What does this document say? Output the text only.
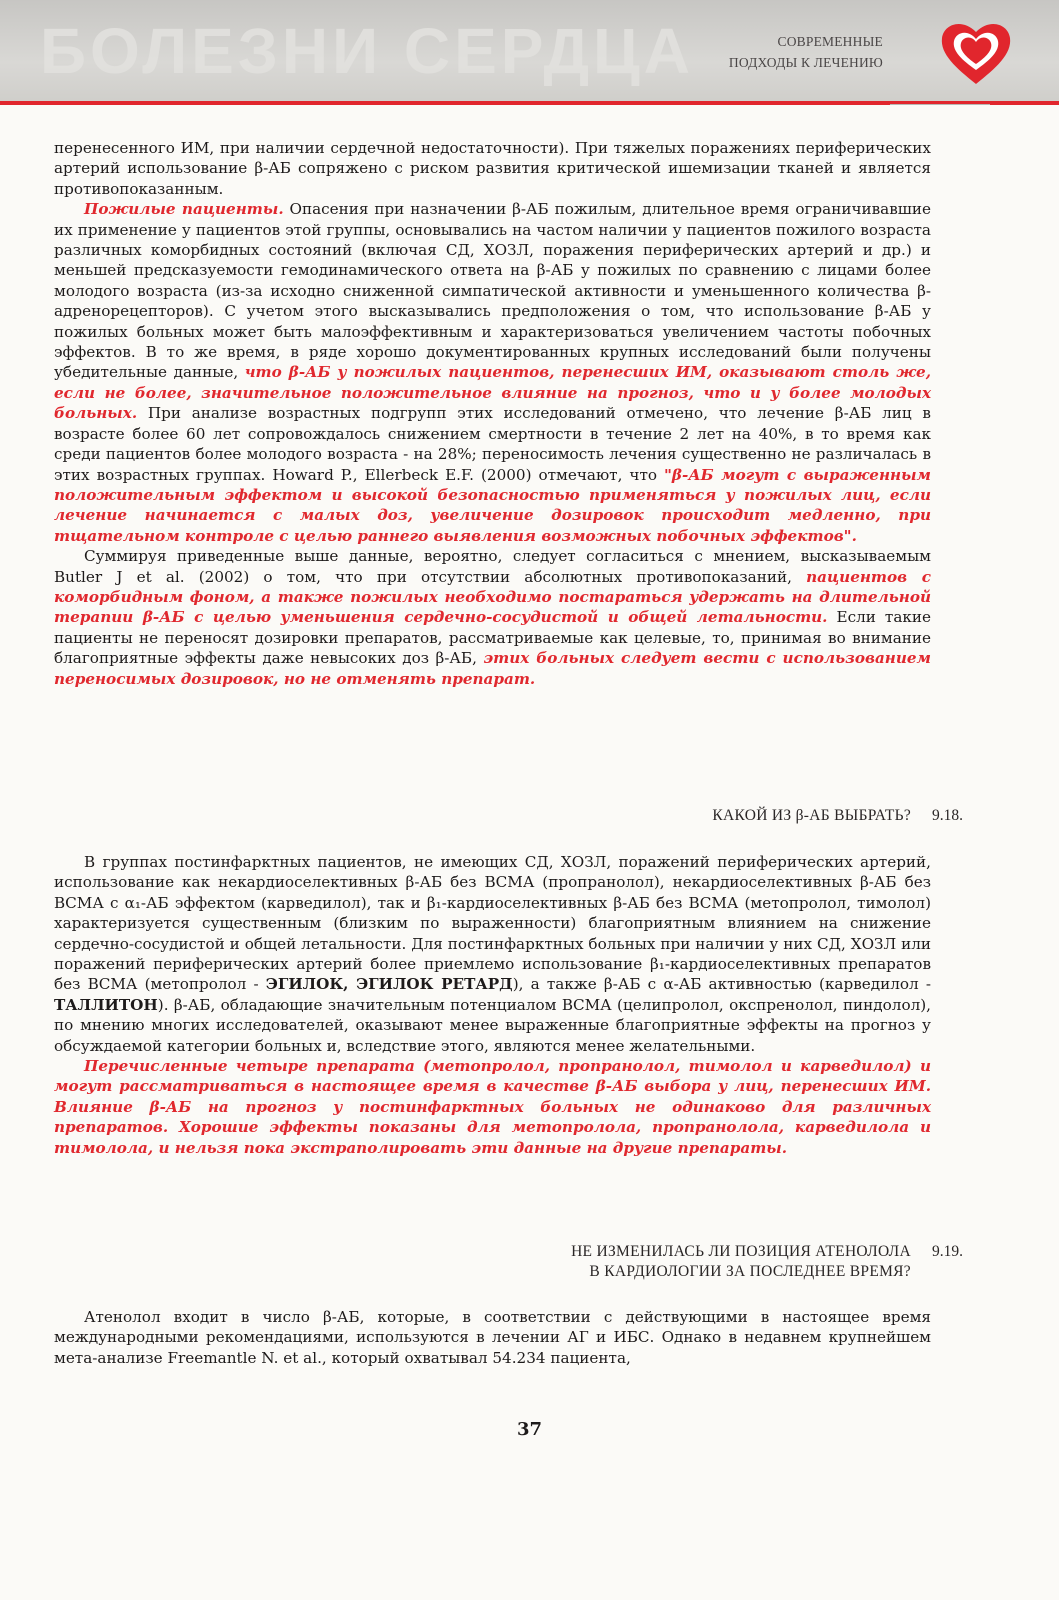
БОЛЕЗНИ СЕРДЦА	СОВРЕМЕННЫЕ
ПОДХОДЫ К ЛЕЧЕНИЮ

перенесенного ИМ, при наличии сердечной недостаточности). При тяжелых поражениях периферических артерий использование β-АБ сопряжено с риском развития критической ишемизации тканей и является противопоказанным.

Пожилые пациенты. Опасения при назначении β-АБ пожилым, длительное время ограничивавшие их применение у пациентов этой группы, основывались на частом наличии у пациентов пожилого возраста различных коморбидных состояний (включая СД, ХОЗЛ, поражения периферических артерий и др.) и меньшей предсказуемости гемодинамического ответа на β-АБ у пожилых по сравнению с лицами более молодого возраста (из-за исходно сниженной симпатической активности и уменьшенного количества β-адренорецепторов). С учетом этого высказывались предположения о том, что использование β-АБ у пожилых больных может быть малоэффективным и характеризоваться увеличением частоты побочных эффектов. В то же время, в ряде хорошо документированных крупных исследований были получены убедительные данные, что β-АБ у пожилых пациентов, перенесших ИМ, оказывают столь же, если не более, значительное положительное влияние на прогноз, что и у более молодых больных. При анализе возрастных подгрупп этих исследований отмечено, что лечение β-АБ лиц в возрасте более 60 лет сопровождалось снижением смертности в течение 2 лет на 40%, в то время как среди пациентов более молодого возраста - на 28%; переносимость лечения существенно не различалась в этих возрастных группах. Howard P., Ellerbeck E.F. (2000) отмечают, что "β-АБ могут с выраженным положительным эффектом и высокой безопасностью применяться у пожилых лиц, если лечение начинается с малых доз, увеличение дозировок происходит медленно, при тщательном контроле с целью раннего выявления возможных побочных эффектов".

Суммируя приведенные выше данные, вероятно, следует согласиться с мнением, высказываемым Butler J et al. (2002) о том, что при отсутствии абсолютных противопоказаний, пациентов с коморбидным фоном, а также пожилых необходимо постараться удержать на длительной терапии β-АБ с целью уменьшения сердечно-сосудистой и общей летальности. Если такие пациенты не переносят дозировки препаратов, рассматриваемые как целевые, то, принимая во внимание благоприятные эффекты даже невысоких доз β-АБ, этих больных следует вести с использованием переносимых дозировок, но не отменять препарат.

КАКОЙ ИЗ β-АБ ВЫБРАТЬ? 9.18.

В группах постинфарктных пациентов, не имеющих СД, ХОЗЛ, поражений периферических артерий, использование как некардиоселективных β-АБ без ВСМА (пропранолол), некардиоселективных β-АБ без ВСМА с α₁-АБ эффектом (карведилол), так и β₁-кардиоселективных β-АБ без ВСМА (метопролол, тимолол) характеризуется существенным (близким по выраженности) благоприятным влиянием на снижение сердечно-сосудистой и общей летальности. Для постинфарктных больных при наличии у них СД, ХОЗЛ или поражений периферических артерий более приемлемо использование β₁-кардиоселективных препаратов без ВСМА (метопролол - ЭГИЛОК, ЭГИЛОК РЕТАРД), а также β-АБ с α-АБ активностью (карведилол - ТАЛЛИТОН). β-АБ, обладающие значительным потенциалом ВСМА (целипролол, окспренолол, пиндолол), по мнению многих исследователей, оказывают менее выраженные благоприятные эффекты на прогноз у обсуждаемой категории больных и, вследствие этого, являются менее желательными.

Перечисленные четыре препарата (метопролол, пропранолол, тимолол и карведилол) и могут рассматриваться в настоящее время в качестве β-АБ выбора у лиц, перенесших ИМ. Влияние β-АБ на прогноз у постинфарктных больных не одинаково для различных препаратов. Хорошие эффекты показаны для метопролола, пропранолола, карведилола и тимолола, и нельзя пока экстраполировать эти данные на другие препараты.

НЕ ИЗМЕНИЛАСЬ ЛИ ПОЗИЦИЯ АТЕНОЛОЛА
В КАРДИОЛОГИИ ЗА ПОСЛЕДНЕЕ ВРЕМЯ?
9.19.

Атенолол входит в число β-АБ, которые, в соответствии с действующими в настоящее время международными рекомендациями, используются в лечении АГ и ИБС. Однако в недавнем крупнейшем мета-анализе Freemantle N. et al., который охватывал 54.234 пациента,

37
